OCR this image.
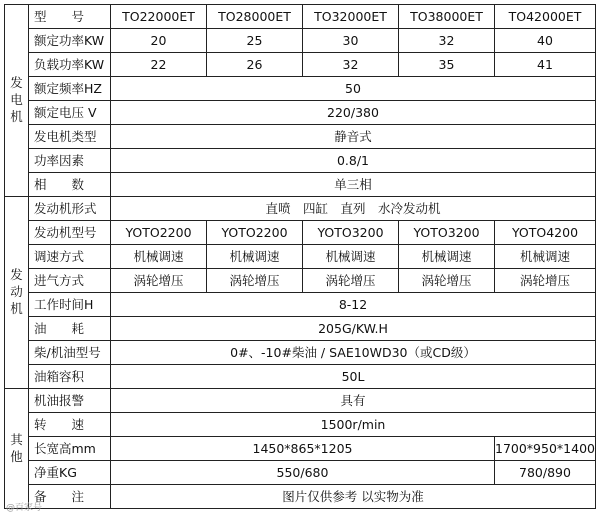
发
电
机	型　　号	TO22000ET	TO28000ET	TO32000ET	TO38000ET	TO42000ET
	额定功率KW	20	25	30	32	40
	负载功率KW	22	26	32	35	41
	额定频率HZ	50				
	额定电压 V	220/380				
	发电机类型	静音式				
	功率因素	0.8/1				
	相　　数	单三相				

发
动
机	发动机形式	直喷　四缸　直列　水冷发动机				
	发动机型号	YOTO2200	YOTO2200	YOTO3200	YOTO3200	YOTO4200
	调速方式	机械调速	机械调速	机械调速	机械调速	机械调速
	进气方式	涡轮增压	涡轮增压	涡轮增压	涡轮增压	涡轮增压
	工作时间H	8-12				
	油　　耗	205G/KW.H				
	柴/机油型号	0#、-10#柴油 / SAE10WD30（或CD级）				
	油箱容积	50L				

其
他	机油报警	具有				
	转　　速	1500r/min				
	长宽高mm	1450*865*1205				1700*950*1400
	净重KG	550/680				780/890
	备　　注	图片仅供参考 以实物为准				
@百家号
